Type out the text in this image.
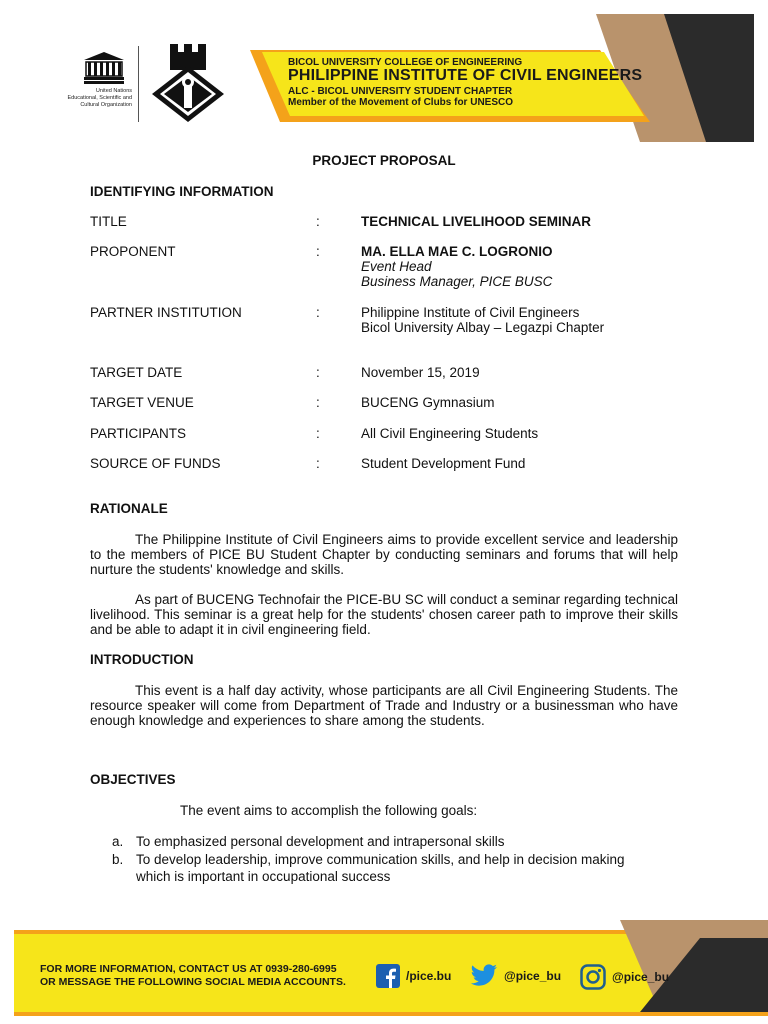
United Nations
Educational, Scientific and
Cultural Organization
BICOL UNIVERSITY COLLEGE OF ENGINEERING
PHILIPPINE INSTITUTE OF CIVIL ENGINEERS
ALC - BICOL UNIVERSITY STUDENT CHAPTER
Member of the Movement of Clubs for UNESCO
PROJECT PROPOSAL
IDENTIFYING INFORMATION
TITLE	:	TECHNICAL LIVELIHOOD SEMINAR
PROPONENT	:	MA. ELLA MAE C. LOGRONIO
Event Head
Business Manager, PICE BUSC
PARTNER INSTITUTION	:	Philippine Institute of Civil Engineers
Bicol University Albay – Legazpi Chapter
TARGET DATE	:	November 15, 2019
TARGET VENUE	:	BUCENG Gymnasium
PARTICIPANTS	:	All Civil Engineering Students
SOURCE OF FUNDS	:	Student Development Fund
RATIONALE
The Philippine Institute of Civil Engineers aims to provide excellent service and leadership to the members of PICE BU Student Chapter by conducting seminars and forums that will help nurture the students' knowledge and skills.
As part of BUCENG Technofair the PICE-BU SC will conduct a seminar regarding technical livelihood. This seminar is a great help for the students' chosen career path to improve their skills and be able to adapt it in civil engineering field.
INTRODUCTION
This event is a half day activity, whose participants are all Civil Engineering Students. The resource speaker will come from Department of Trade and Industry or a businessman who have enough knowledge and experiences to share among the students.
OBJECTIVES
The event aims to accomplish the following goals:
a. To emphasized personal development and intrapersonal skills
b. To develop leadership, improve communication skills, and help in decision making which is important in occupational success
FOR MORE INFORMATION, CONTACT US AT 0939-280-6995
OR MESSAGE THE FOLLOWING SOCIAL MEDIA ACCOUNTS.	/pice.bu	@pice_bu	@pice_bu
